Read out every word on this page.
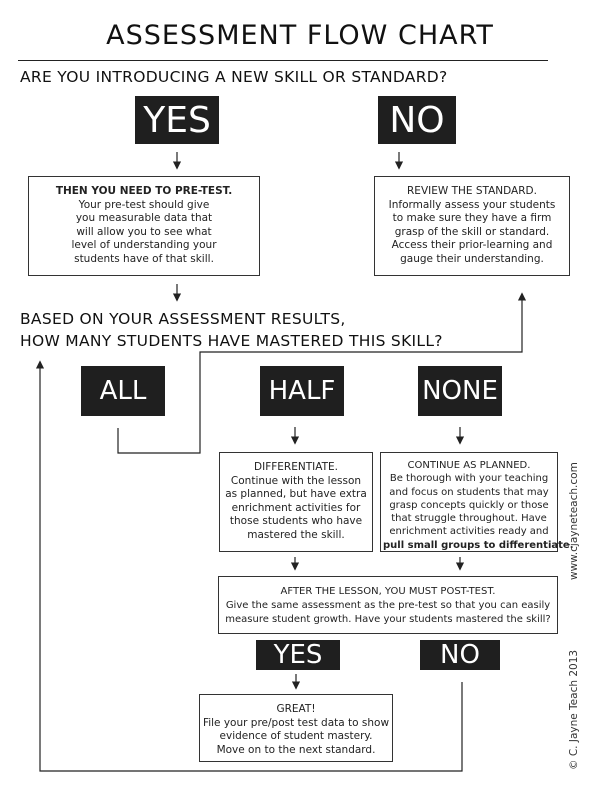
ASSESSMENT FLOW CHART
ARE YOU INTRODUCING A NEW SKILL OR STANDARD?
YES	NO
THEN YOU NEED TO PRE-TEST.
Your pre-test should give
you measurable data that
will allow you to see what
level of understanding your
students have of that skill.
REVIEW THE STANDARD.
Informally assess your students
to make sure they have a firm
grasp of the skill or standard.
Access their prior-learning and
gauge their understanding.
BASED ON YOUR ASSESSMENT RESULTS,
HOW MANY STUDENTS HAVE MASTERED THIS SKILL?
ALL	HALF	NONE
DIFFERENTIATE.
Continue with the lesson
as planned, but have extra
enrichment activities for
those students who have
mastered the skill.
CONTINUE AS PLANNED.
Be thorough with your teaching
and focus on students that may
grasp concepts quickly or those
that struggle throughout. Have
enrichment activities ready and
pull small groups to differentiate.
AFTER THE LESSON, YOU MUST POST-TEST.
Give the same assessment as the pre-test so that you can easily
measure student growth. Have your students mastered the skill?
YES	NO
GREAT!
File your pre/post test data to show
evidence of student mastery.
Move on to the next standard.
www.cjayneteach.com
© C. Jayne Teach 2013
